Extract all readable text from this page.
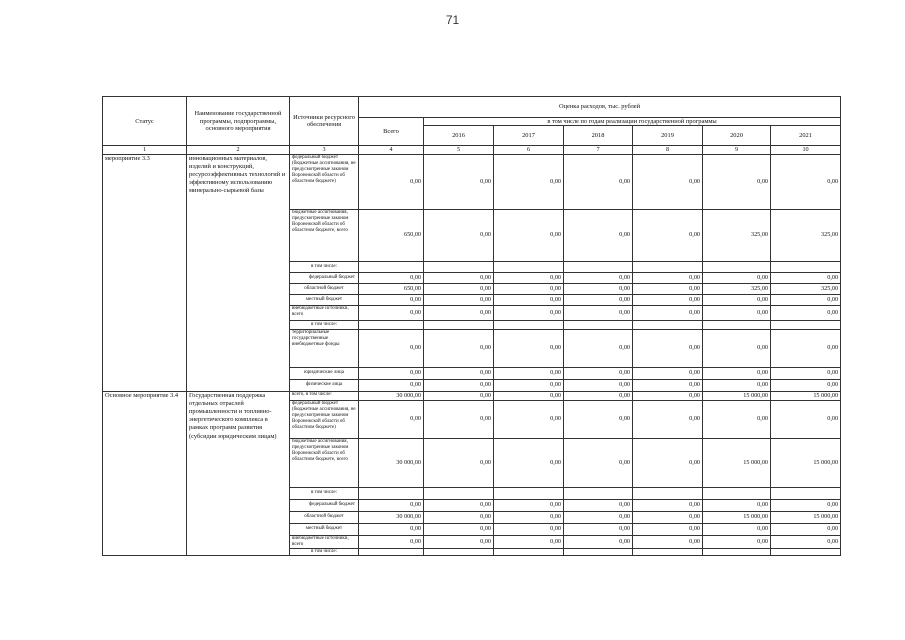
71
Статус	Наименование государственной программы, подпрограммы, основного мероприятия	Источники ресурсного обеспечения	Оценка расходов, тыс. рублей						
			Всего	в том числе по годам реализации государственной программы					
				2016	2017	2018	2019	2020	2021
1	2	3	4	5	6	7	8	9	10
мероприятие 3.3	инновационных материалов, изделий и конструкций, ресурсоэффективных технологий и эффективному использованию минерально-сырьевой базы	федеральный бюджет (бюджетные ассигнования, не предусмотренные законом Воронежской области об областном бюджете)	0,00	0,00	0,00	0,00	0,00	0,00	0,00
		бюджетные ассигнования, предусмотренные законом Воронежской области об областном бюджете, всего	650,00	0,00	0,00	0,00	0,00	325,00	325,00
		в том числе:							
		федеральный бюджет	0,00	0,00	0,00	0,00	0,00	0,00	0,00
		областной бюджет	650,00	0,00	0,00	0,00	0,00	325,00	325,00
		местный бюджет	0,00	0,00	0,00	0,00	0,00	0,00	0,00
		внебюджетные источники, всего	0,00	0,00	0,00	0,00	0,00	0,00	0,00
		в том числе:							
		территориальные государственные внебюджетные фонды	0,00	0,00	0,00	0,00	0,00	0,00	0,00
		юридические лица	0,00	0,00	0,00	0,00	0,00	0,00	0,00
		физические лица	0,00	0,00	0,00	0,00	0,00	0,00	0,00
Основное мероприятие 3.4	Государственная поддержка отдельных отраслей промышленности и топливно-энергетического комплекса в рамках программ развития (субсидии юридическим лицам)	всего, в том числе:	30 000,00	0,00	0,00	0,00	0,00	15 000,00	15 000,00
		федеральный бюджет (бюджетные ассигнования, не предусмотренные законом Воронежской области об областном бюджете)	0,00	0,00	0,00	0,00	0,00	0,00	0,00
		бюджетные ассигнования, предусмотренные законом Воронежской области об областном бюджете, всего	30 000,00	0,00	0,00	0,00	0,00	15 000,00	15 000,00
		в том числе:							
		федеральный бюджет	0,00	0,00	0,00	0,00	0,00	0,00	0,00
		областной бюджет	30 000,00	0,00	0,00	0,00	0,00	15 000,00	15 000,00
		местный бюджет	0,00	0,00	0,00	0,00	0,00	0,00	0,00
		внебюджетные источники, всего	0,00	0,00	0,00	0,00	0,00	0,00	0,00
		в том числе:							
